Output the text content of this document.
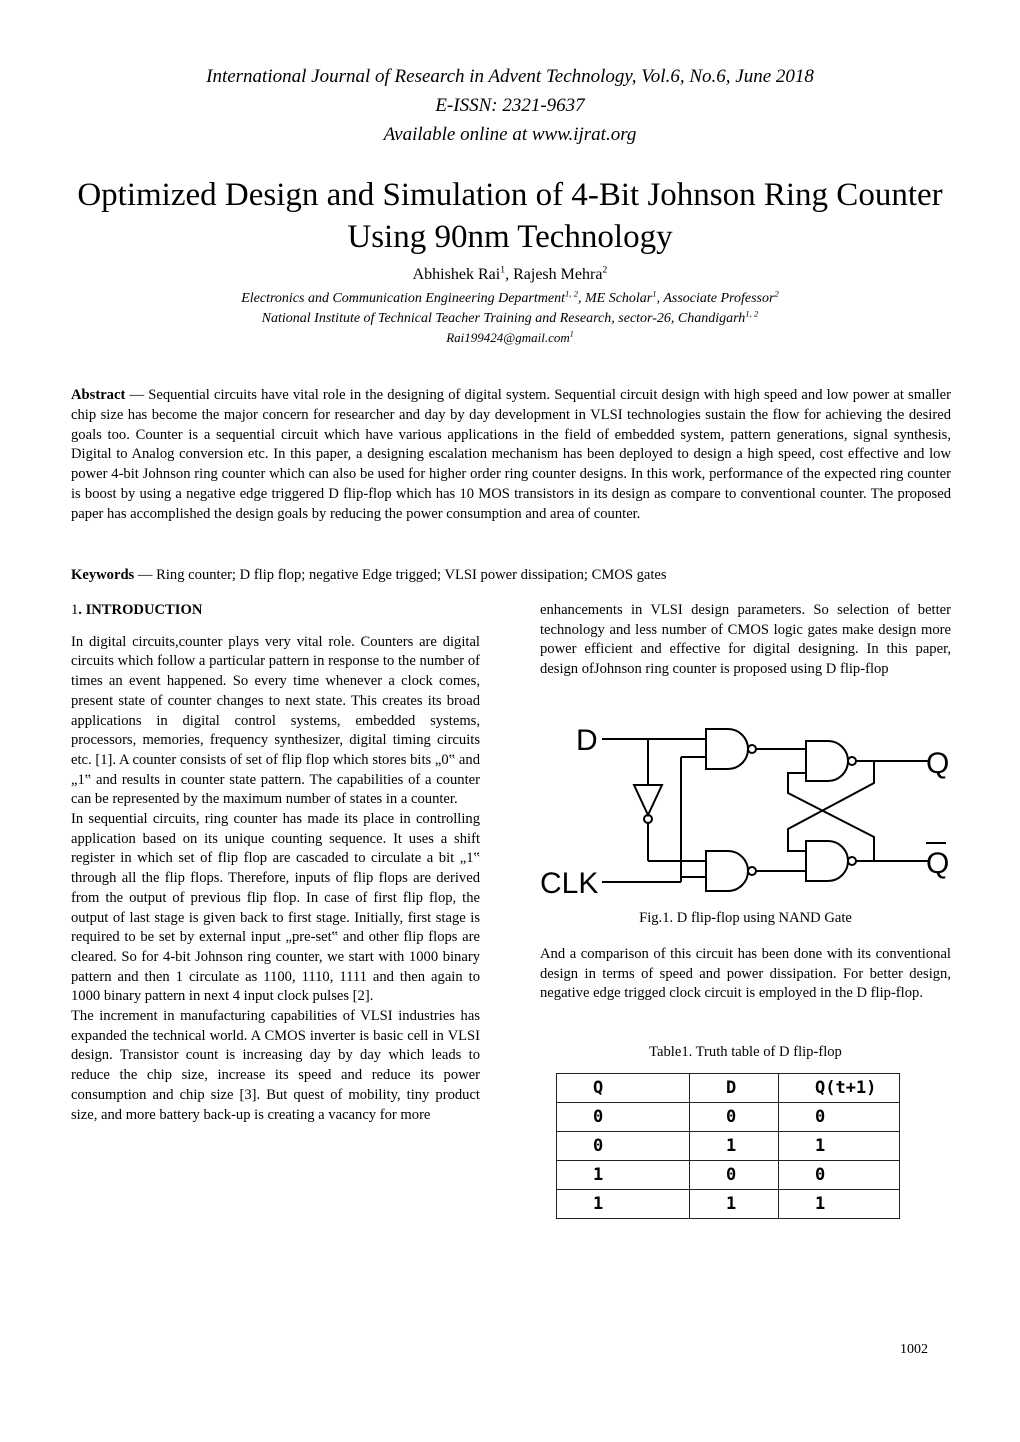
International Journal of Research in Advent Technology, Vol.6, No.6, June 2018
E-ISSN: 2321-9637
Available online at www.ijrat.org
Optimized Design and Simulation of 4-Bit Johnson Ring Counter Using 90nm Technology
Abhishek Rai$^1$, Rajesh Mehra$^2$
Electronics and Communication Engineering Department$^{1, 2}$, ME Scholar$^1$, Associate Professor$^2$
National Institute of Technical Teacher Training and Research, sector-26, Chandigarh$^{1, 2}$
Rai199424@gmail.com$^1$
Abstract — Sequential circuits have vital role in the designing of digital system. Sequential circuit design with high speed and low power at smaller chip size has become the major concern for researcher and day by day development in VLSI technologies sustain the flow for achieving the desired goals too. Counter is a sequential circuit which have various applications in the field of embedded system, pattern generations, signal synthesis, Digital to Analog conversion etc. In this paper, a designing escalation mechanism has been deployed to design a high speed, cost effective and low power 4-bit Johnson ring counter which can also be used for higher order ring counter designs. In this work, performance of the expected ring counter is boost by using a negative edge triggered D flip-flop which has 10 MOS transistors in its design as compare to conventional counter. The proposed paper has accomplished the design goals by reducing the power consumption and area of counter.
Keywords — Ring counter; D flip flop; negative Edge trigged; VLSI power dissipation; CMOS gates
1. INTRODUCTION

In digital circuits,counter plays very vital role. Counters are digital circuits which follow a particular pattern in response to the number of times an event happened. So every time whenever a clock comes, present state of counter changes to next state. This creates its broad applications in digital control systems, embedded systems, processors, memories, frequency synthesizer, digital timing circuits etc. [1]. A counter consists of set of flip flop which stores bits „0‟ and „1‟ and results in counter state pattern. The capabilities of a counter can be represented by the maximum number of states in a counter.

In sequential circuits, ring counter has made its place in controlling application based on its unique counting sequence. It uses a shift register in which set of flip flop are cascaded to circulate a bit „1‟ through all the flip flops. Therefore, inputs of flip flops are derived from the output of previous flip flop. In case of first flip flop, the output of last stage is given back to first stage. Initially, first stage is required to be set by external input „pre-set‟ and other flip flops are cleared. So for 4-bit Johnson ring counter, we start with 1000 binary pattern and then 1 circulate as 1100, 1110, 1111 and then again to 1000 binary pattern in next 4 input clock pulses [2].

The increment in manufacturing capabilities of VLSI industries has expanded the technical world. A CMOS inverter is basic cell in VLSI design. Transistor count is increasing day by day which leads to reduce the chip size, increase its speed and reduce its power consumption and chip size [3]. But quest of mobility, tiny product size, and more battery back-up is creating a vacancy for more

enhancements in VLSI design parameters. So selection of better technology and less number of CMOS logic gates make design more power efficient and effective for digital designing. In this paper, design ofJohnson ring counter is proposed using D flip-flop

D
CLK
Q
Q
Fig.1. D flip-flop using NAND Gate

And a comparison of this circuit has been done with its conventional design in terms of speed and power dissipation. For better design, negative edge trigged clock circuit is employed in the D flip-flop.

Table1. Truth table of D flip-flop
Q	D	Q(t+1)
0	0	0
0	1	1
1	0	0
1	1	1
1002
